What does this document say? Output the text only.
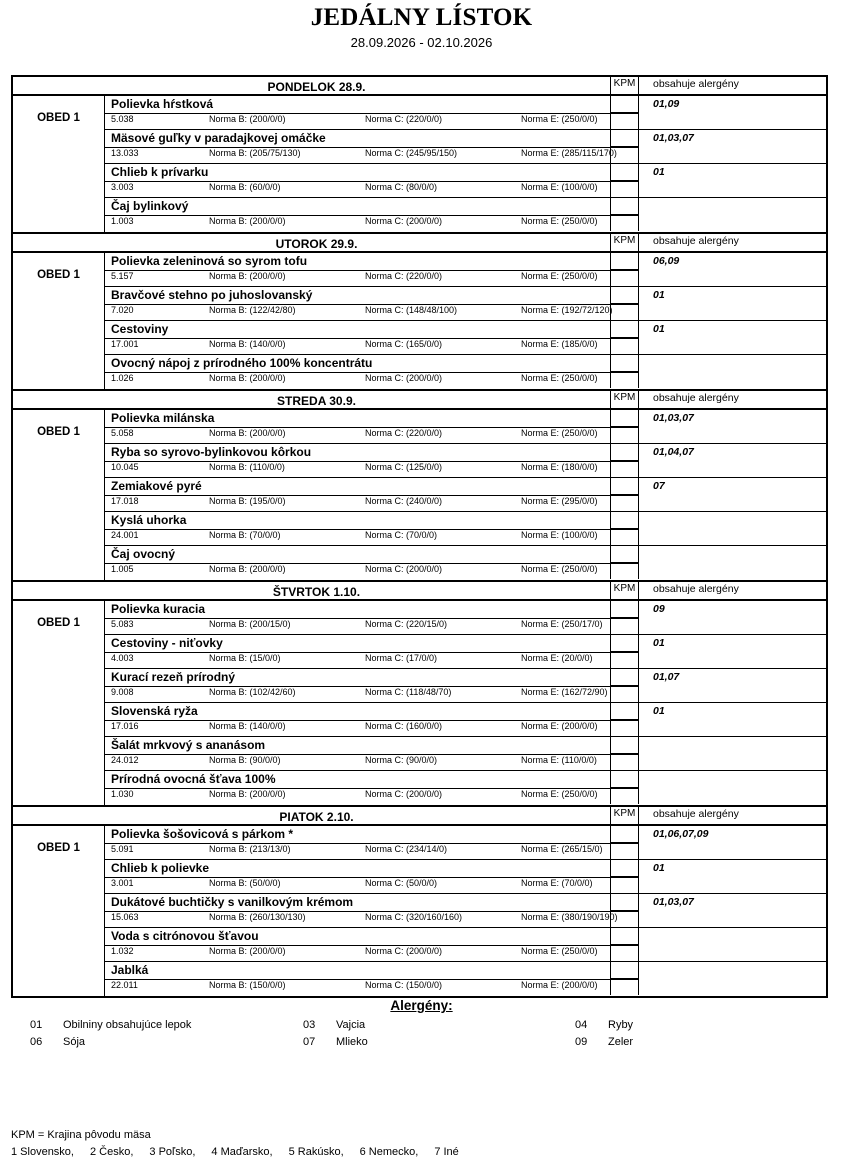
JEDÁLNY LÍSTOK
28.09.2026 - 02.10.2026
PONDELOK 28.9.	KPM	obsahuje alergény
OBED 1
Polievka hŕstková
5.038	Norma B: (200/0/0)	Norma C: (220/0/0)	Norma E: (250/0/0)
01,09
Mäsové guľky v paradajkovej omáčke
13.033	Norma B: (205/75/130)	Norma C: (245/95/150)	Norma E: (285/115/170)
01,03,07
Chlieb k prívarku
3.003	Norma B: (60/0/0)	Norma C: (80/0/0)	Norma E: (100/0/0)
01
Čaj bylinkový
1.003	Norma B: (200/0/0)	Norma C: (200/0/0)	Norma E: (250/0/0)
UTOROK 29.9.	KPM	obsahuje alergény
OBED 1
Polievka zeleninová so syrom tofu
5.157	Norma B: (200/0/0)	Norma C: (220/0/0)	Norma E: (250/0/0)
06,09
Bravčové stehno po juhoslovanský
7.020	Norma B: (122/42/80)	Norma C: (148/48/100)	Norma E: (192/72/120)
01
Cestoviny
17.001	Norma B: (140/0/0)	Norma C: (165/0/0)	Norma E: (185/0/0)
01
Ovocný nápoj z prírodného 100% koncentrátu
1.026	Norma B: (200/0/0)	Norma C: (200/0/0)	Norma E: (250/0/0)
STREDA 30.9.	KPM	obsahuje alergény
OBED 1
Polievka milánska
5.058	Norma B: (200/0/0)	Norma C: (220/0/0)	Norma E: (250/0/0)
01,03,07
Ryba so syrovo-bylinkovou kôrkou
10.045	Norma B: (110/0/0)	Norma C: (125/0/0)	Norma E: (180/0/0)
01,04,07
Zemiakové pyré
17.018	Norma B: (195/0/0)	Norma C: (240/0/0)	Norma E: (295/0/0)
07
Kyslá uhorka
24.001	Norma B: (70/0/0)	Norma C: (70/0/0)	Norma E: (100/0/0)
Čaj ovocný
1.005	Norma B: (200/0/0)	Norma C: (200/0/0)	Norma E: (250/0/0)
ŠTVRTOK 1.10.	KPM	obsahuje alergény
OBED 1
Polievka kuracia
5.083	Norma B: (200/15/0)	Norma C: (220/15/0)	Norma E: (250/17/0)
09
Cestoviny - niťovky
4.003	Norma B: (15/0/0)	Norma C: (17/0/0)	Norma E: (20/0/0)
01
Kurací rezeň prírodný
9.008	Norma B: (102/42/60)	Norma C: (118/48/70)	Norma E: (162/72/90)
01,07
Slovenská ryža
17.016	Norma B: (140/0/0)	Norma C: (160/0/0)	Norma E: (200/0/0)
01
Šalát mrkvový s ananásom
24.012	Norma B: (90/0/0)	Norma C: (90/0/0)	Norma E: (110/0/0)
Prírodná ovocná šťava 100%
1.030	Norma B: (200/0/0)	Norma C: (200/0/0)	Norma E: (250/0/0)
PIATOK 2.10.	KPM	obsahuje alergény
OBED 1
Polievka šošovicová s párkom *
5.091	Norma B: (213/13/0)	Norma C: (234/14/0)	Norma E: (265/15/0)
01,06,07,09
Chlieb k polievke
3.001	Norma B: (50/0/0)	Norma C: (50/0/0)	Norma E: (70/0/0)
01
Dukátové buchtičky s vanilkovým krémom
15.063	Norma B: (260/130/130)	Norma C: (320/160/160)	Norma E: (380/190/190)
01,03,07
Voda s citrónovou šťavou
1.032	Norma B: (200/0/0)	Norma C: (200/0/0)	Norma E: (250/0/0)
Jablká
22.011	Norma B: (150/0/0)	Norma C: (150/0/0)	Norma E: (200/0/0)
Alergény:
01 Obilniny obsahujúce lepok	03 Vajcia	04 Ryby
06 Sója	07 Mlieko	09 Zeler
KPM = Krajina pôvodu mäsa
1 Slovensko, 2 Česko, 3 Poľsko, 4 Maďarsko, 5 Rakúsko, 6 Nemecko, 7 Iné
